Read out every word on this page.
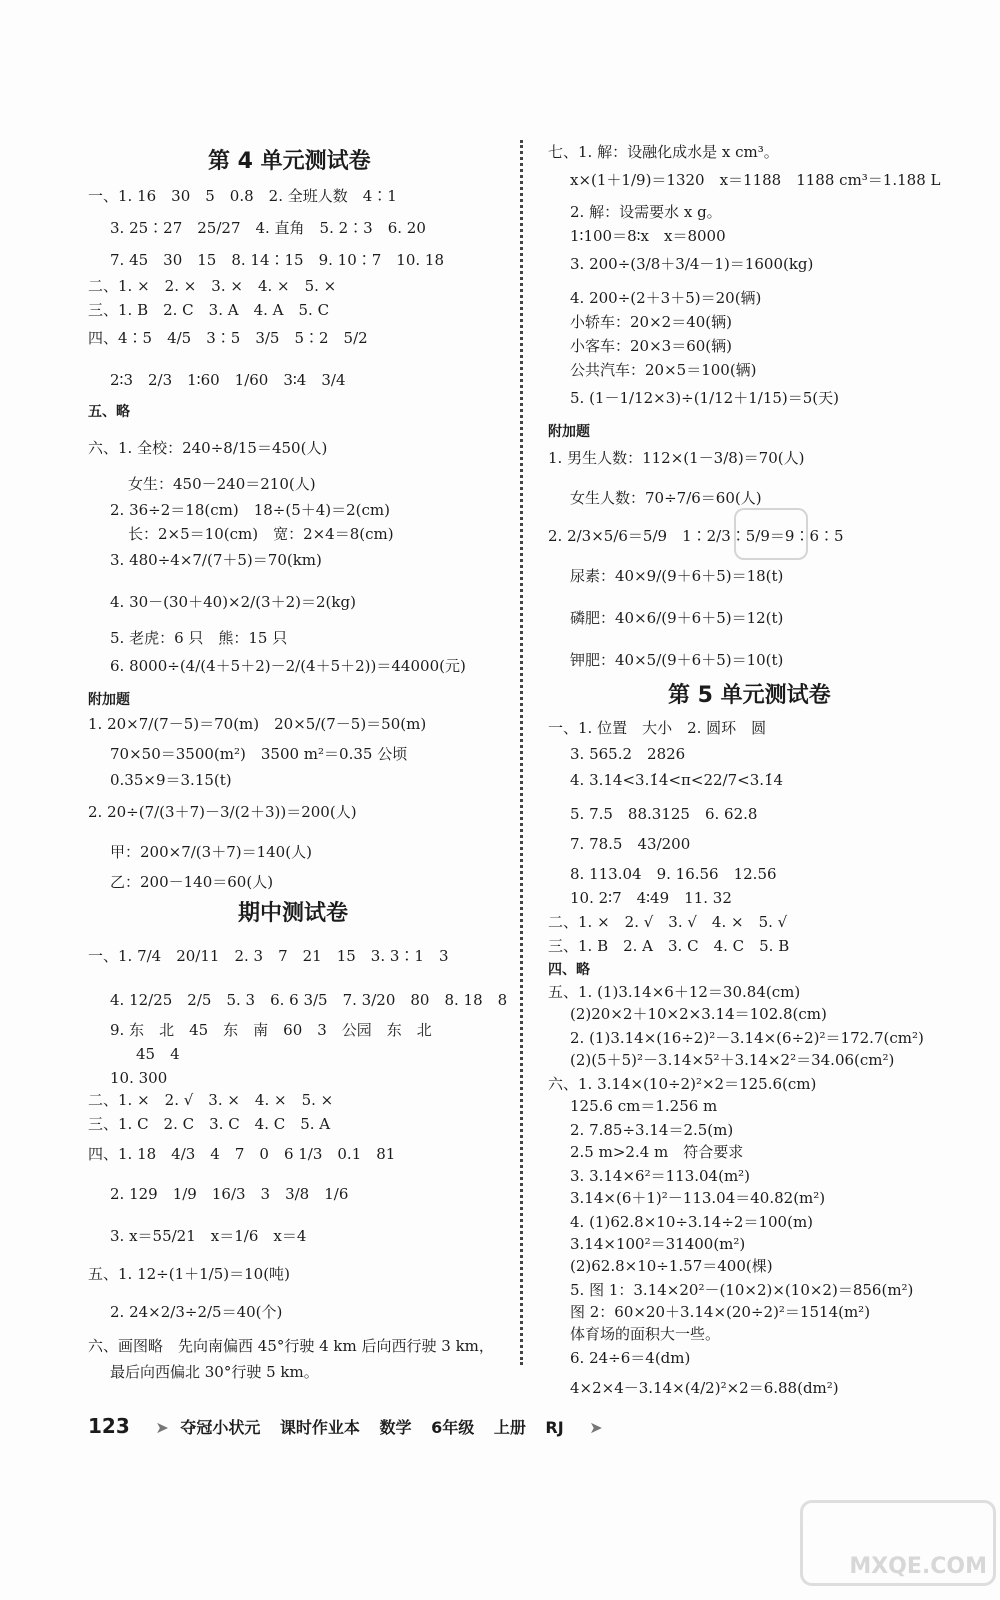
第 4 单元测试卷
一、1. 16　30　5　0.8　2. 全班人数　4∶1
3. 25∶27　25/27　4. 直角　5. 2∶3　6. 20
7. 45　30　15　8. 14∶15　9. 10∶7　10. 18
二、1. ×　2. ×　3. ×　4. ×　5. ×
三、1. B　2. C　3. A　4. A　5. C
四、4∶5　4/5　3∶5　3/5　5∶2　5/2
2∶3　2/3　1∶60　1/60　3∶4　3/4
五、略
六、1. 全校：240÷8/15＝450(人)
女生：450－240＝210(人)
2. 36÷2＝18(cm)　18÷(5＋4)＝2(cm)
长：2×5＝10(cm)　宽：2×4＝8(cm)
3. 480÷4×7/(7＋5)＝70(km)
4. 30－(30＋40)×2/(3＋2)＝2(kg)
5. 老虎：6 只　熊：15 只
6. 8000÷(4/(4＋5＋2)－2/(4＋5＋2))＝44000(元)
附加题
1. 20×7/(7－5)＝70(m)　20×5/(7－5)＝50(m)
70×50＝3500(m²)　3500 m²＝0.35 公顷
0.35×9＝3.15(t)
2. 20÷(7/(3＋7)－3/(2＋3))＝200(人)
甲：200×7/(3＋7)＝140(人)
乙：200－140＝60(人)
期中测试卷
一、1. 7/4　20/11　2. 3　7　21　15　3. 3∶1　3
4. 12/25　2/5　5. 3　6. 6 3/5　7. 3/20　80　8. 18　8
9. 东　北　45　东　南　60　3　公园　东　北
45　4
10. 300
二、1. ×　2. √　3. ×　4. ×　5. ×
三、1. C　2. C　3. C　4. C　5. A
四、1. 18　4/3　4　7　0　6 1/3　0.1　81
2. 129　1/9　16/3　3　3/8　1/6
3. x＝55/21　x＝1/6　x＝4
五、1. 12÷(1＋1/5)＝10(吨)
2. 24×2/3÷2/5＝40(个)
六、画图略　先向南偏西 45°行驶 4 km 后向西行驶 3 km，
最后向西偏北 30°行驶 5 km。
七、1. 解：设融化成水是 x cm³。
x×(1＋1/9)＝1320　x＝1188　1188 cm³＝1.188 L
2. 解：设需要水 x g。
1∶100＝8∶x　x＝8000
3. 200÷(3/8＋3/4－1)＝1600(kg)
4. 200÷(2＋3＋5)＝20(辆)
小轿车：20×2＝40(辆)
小客车：20×3＝60(辆)
公共汽车：20×5＝100(辆)
5. (1－1/12×3)÷(1/12＋1/15)＝5(天)
附加题
1. 男生人数：112×(1－3/8)＝70(人)
女生人数：70÷7/6＝60(人)
2. 2/3×5/6＝5/9　1∶2/3∶5/9＝9∶6∶5
尿素：40×9/(9＋6＋5)＝18(t)
磷肥：40×6/(9＋6＋5)＝12(t)
钾肥：40×5/(9＋6＋5)＝10(t)
第 5 单元测试卷
一、1. 位置　大小　2. 圆环　圆
3. 565.2　2826
4. 3.14<3.1̇4̇<π<22/7<3.1̇4
5. 7.5　88.3125　6. 62.8
7. 78.5　43/200
8. 113.04　9. 16.56　12.56
10. 2∶7　4∶49　11. 32
二、1. ×　2. √　3. √　4. ×　5. √
三、1. B　2. A　3. C　4. C　5. B
四、略
五、1. (1)3.14×6＋12＝30.84(cm)
(2)20×2＋10×2×3.14＝102.8(cm)
2. (1)3.14×(16÷2)²－3.14×(6÷2)²＝172.7(cm²)
(2)(5＋5)²－3.14×5²＋3.14×2²＝34.06(cm²)
六、1. 3.14×(10÷2)²×2＝125.6(cm)
125.6 cm＝1.256 m
2. 7.85÷3.14＝2.5(m)
2.5 m>2.4 m　符合要求
3. 3.14×6²＝113.04(m²)
3.14×(6＋1)²－113.04＝40.82(m²)
4. (1)62.8×10÷3.14÷2＝100(m)
3.14×100²＝31400(m²)
(2)62.8×10÷1.57＝400(棵)
5. 图 1：3.14×20²－(10×2)×(10×2)＝856(m²)
图 2：60×20＋3.14×(20÷2)²＝1514(m²)
体育场的面积大一些。
6. 24÷6＝4(dm)
4×2×4－3.14×(4/2)²×2＝6.88(dm²)
123 ➤ 夺冠小状元 课时作业本 数学 6年级 上册 RJ ➤
MXQE.COM
